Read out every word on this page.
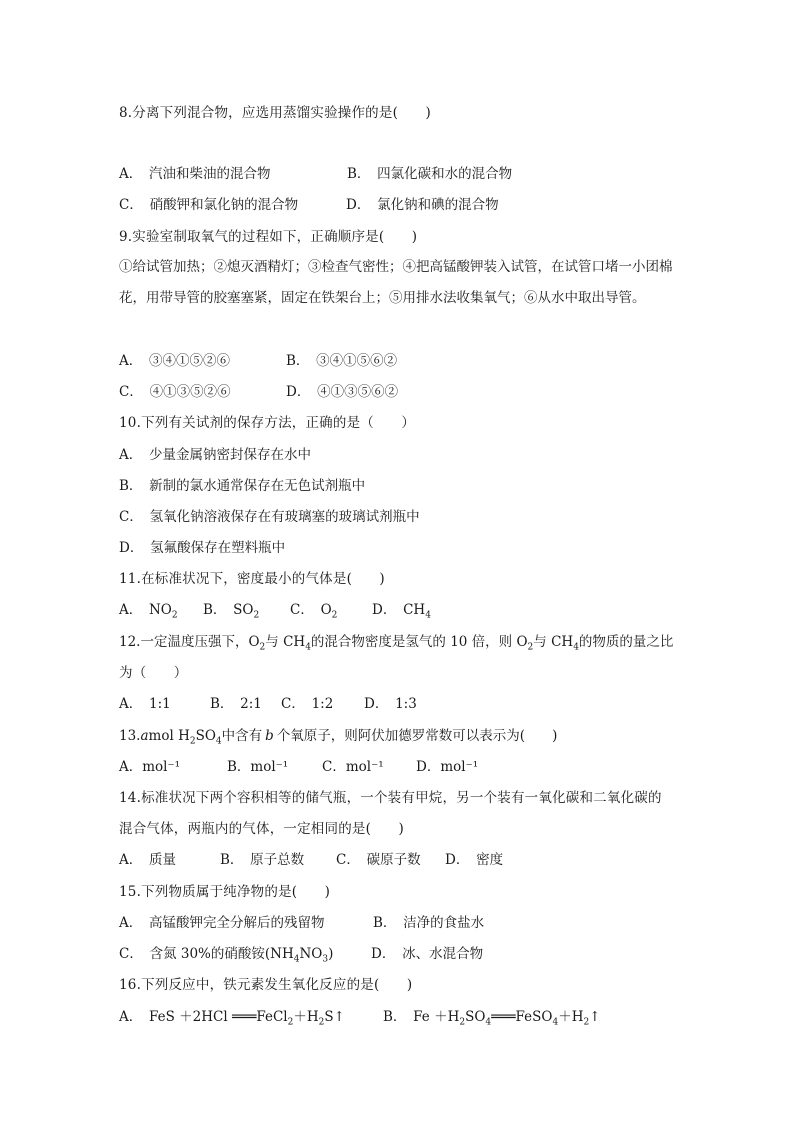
8.分离下列混合物，应选用蒸馏实验操作的是(　　)
A．　汽油和柴油的混合物	B．　四氯化碳和水的混合物
C．　硝酸钾和氯化钠的混合物	D．　氯化钠和碘的混合物
9.实验室制取氧气的过程如下，正确顺序是(　　)
①给试管加热；②熄灭酒精灯；③检查气密性；④把高锰酸钾装入试管，在试管口堵一小团棉花，用带导管的胶塞塞紧，固定在铁架台上；⑤用排水法收集氧气；⑥从水中取出导管。
A．　③④①⑤②⑥	B．　③④①⑤⑥②
C．　④①③⑤②⑥	D．　④①③⑤⑥②
10.下列有关试剂的保存方法，正确的是（　　）
A．　少量金属钠密封保存在水中
B．　新制的氯水通常保存在无色试剂瓶中
C．　氢氧化钠溶液保存在有玻璃塞的玻璃试剂瓶中
D．　氢氟酸保存在塑料瓶中
11.在标准状况下，密度最小的气体是(　　)
A．　$NO_2$ B．　$SO_2$ C．　$O_2$	D．　$CH_4$
12.一定温度压强下，$O_2$与 $CH_4$的混合物密度是氢气的 10 倍，则 $O_2$与 $CH_4$的物质的量之比
为（　　）
A．　1:1	B．　2:1 C．　1:2 D．　1:3
13.amol $H_2SO_4$中含有 b 个氧原子，则阿伏加德罗常数可以表示为(　　)
A．mol⁻¹	B．mol⁻¹	C．mol⁻¹ D．mol⁻¹
14.标准状况下两个容积相等的储气瓶，一个装有甲烷，另一个装有一氧化碳和二氧化碳的
混合气体，两瓶内的气体，一定相同的是(　　)
A．　质量	B．　原子总数 C．　碳原子数 D．　密度
15.下列物质属于纯净物的是(　　)
A．　高锰酸钾完全分解后的残留物	B．　洁净的食盐水
C．　含氮 30%的硝酸铵$(NH_4NO_3)$	D．　冰、水混合物
16.下列反应中，铁元素发生氧化反应的是(　　)
A．　FeS ＋2HCl $═══FeCl_2+H_2S↑$	B．　$Fe +H_2SO_4═══FeSO_4+H_2↑$
